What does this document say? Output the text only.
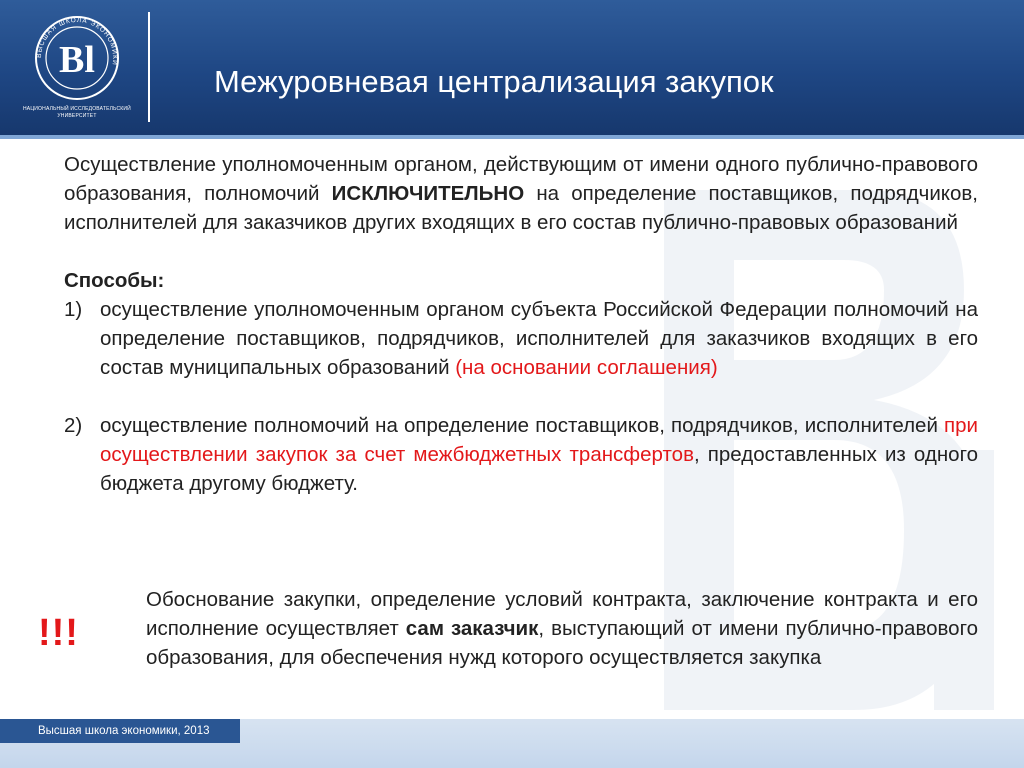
ВЫСШАЯ ШКОЛА ЭКОНОМИКИ
Bl
НАЦИОНАЛЬНЫЙ ИССЛЕДОВАТЕЛЬСКИЙ УНИВЕРСИТЕТ
Межуровневая централизация закупок

Осуществление уполномоченным органом, действующим от имени одного публично-правового образования, полномочий ИСКЛЮЧИТЕЛЬНО на определение поставщиков, подрядчиков, исполнителей для заказчиков других входящих в его состав публично-правовых образований

Способы:

1) осуществление уполномоченным органом субъекта Российской Федерации полномочий на определение поставщиков, подрядчиков, исполнителей для заказчиков входящих в его состав муниципальных образований (на основании соглашения)

2) осуществление полномочий на определение поставщиков, подрядчиков, исполнителей при осуществлении закупок за счет межбюджетных трансфертов, предоставленных из одного бюджета другому бюджету.

!!!
Обоснование закупки, определение условий контракта, заключение контракта и его исполнение осуществляет сам заказчик, выступающий от имени публично-правового образования, для обеспечения нужд которого осуществляется закупка
Высшая школа экономики, 2013
